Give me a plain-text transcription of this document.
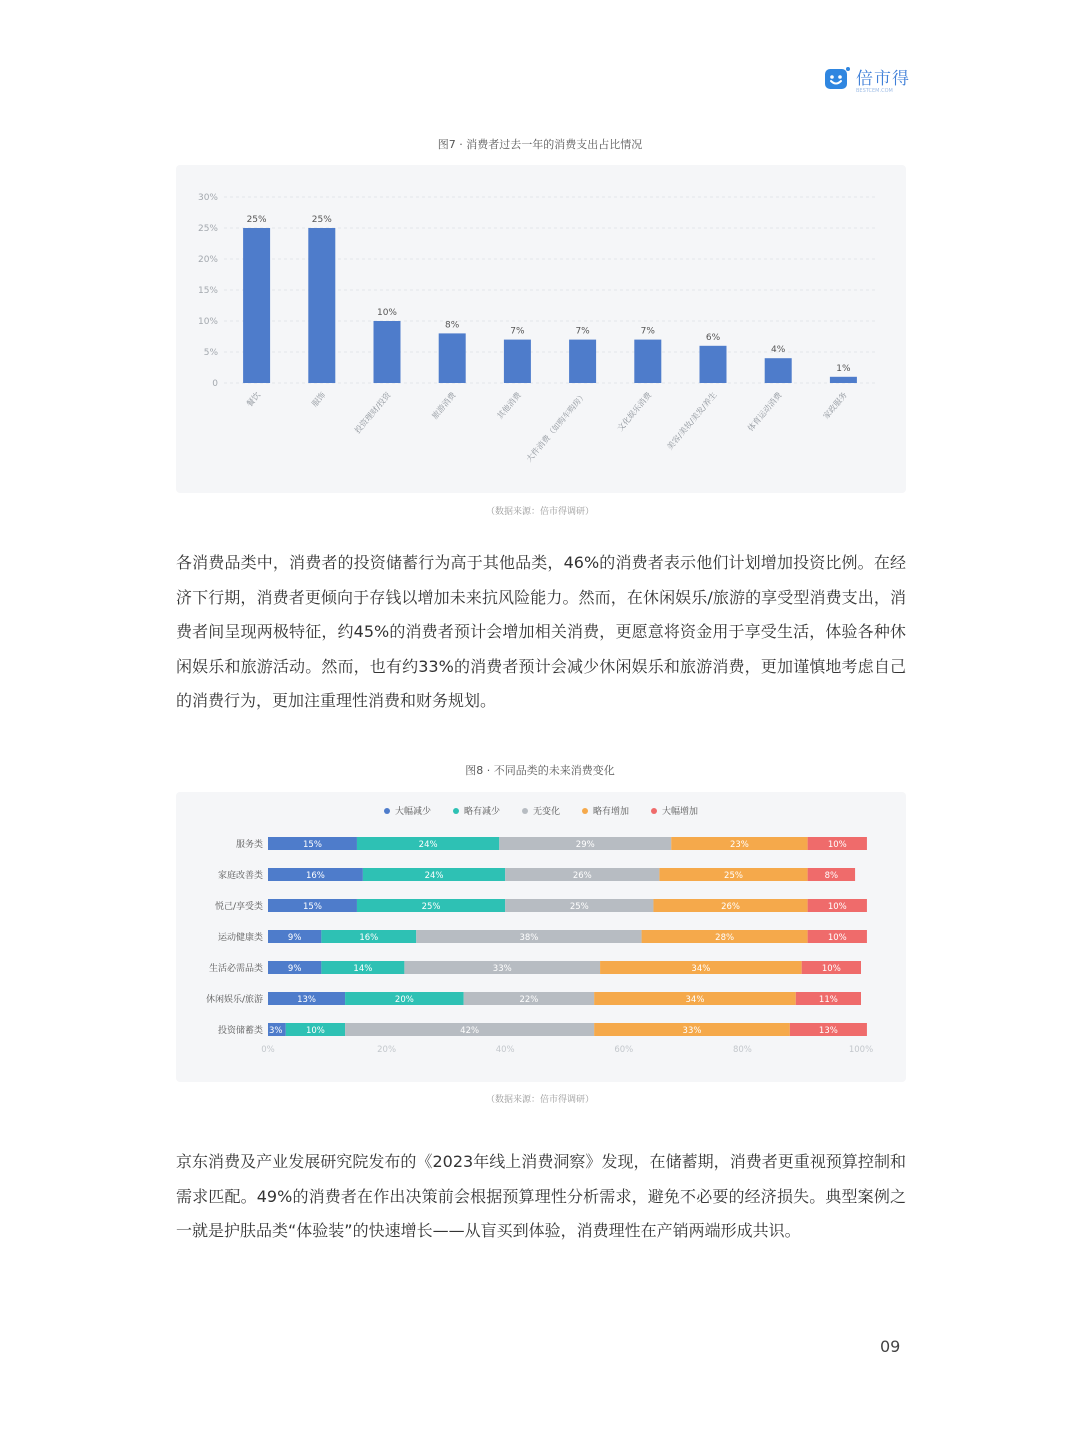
倍市得
BESTCEM.COM
图7 · 消费者过去一年的消费支出占比情况
0
5%
10%
15%
20%
25%
30%
25%
餐饮
25%
服饰
10%
投资理财/投资
8%
旅游消费
7%
其他消费
7%
大件消费（如购车购房）
7%
文化娱乐消费
6%
美容/美妆/美发/养生
4%
体育运动消费
1%
家政服务
（数据来源：倍市得调研）
各消费品类中，消费者的投资储蓄行为高于其他品类，46%的消费者表示他们计划增加投资比例。在经济下行期，消费者更倾向于存钱以增加未来抗风险能力。然而，在休闲娱乐/旅游的享受型消费支出，消费者间呈现两极特征，约45%的消费者预计会增加相关消费，更愿意将资金用于享受生活，体验各种休闲娱乐和旅游活动。然而，也有约33%的消费者预计会减少休闲娱乐和旅游消费，更加谨慎地考虑自己的消费行为，更加注重理性消费和财务规划。
图8 · 不同品类的未来消费变化
大幅减少	略有减少	无变化	略有增加	大幅增加
服务类	15%	24%	29%	23%	10%
家庭改善类	16%	24%	26%	25%	8%
悦己/享受类	15%	25%	25%	26%	10%
运动健康类	9%	16%	38%	28%	10%
生活必需品类	9%	14%	33%	34%	10%
休闲娱乐/旅游	13%	20%	22%	34%	11%
投资储蓄类 3%	10%	42%	33%	13%
0%	20%	40%	60%	80%	100%
（数据来源：倍市得调研）
京东消费及产业发展研究院发布的《2023年线上消费洞察》发现，在储蓄期，消费者更重视预算控制和需求匹配。49%的消费者在作出决策前会根据预算理性分析需求，避免不必要的经济损失。典型案例之一就是护肤品类“体验装”的快速增长——从盲买到体验，消费理性在产销两端形成共识。
09
